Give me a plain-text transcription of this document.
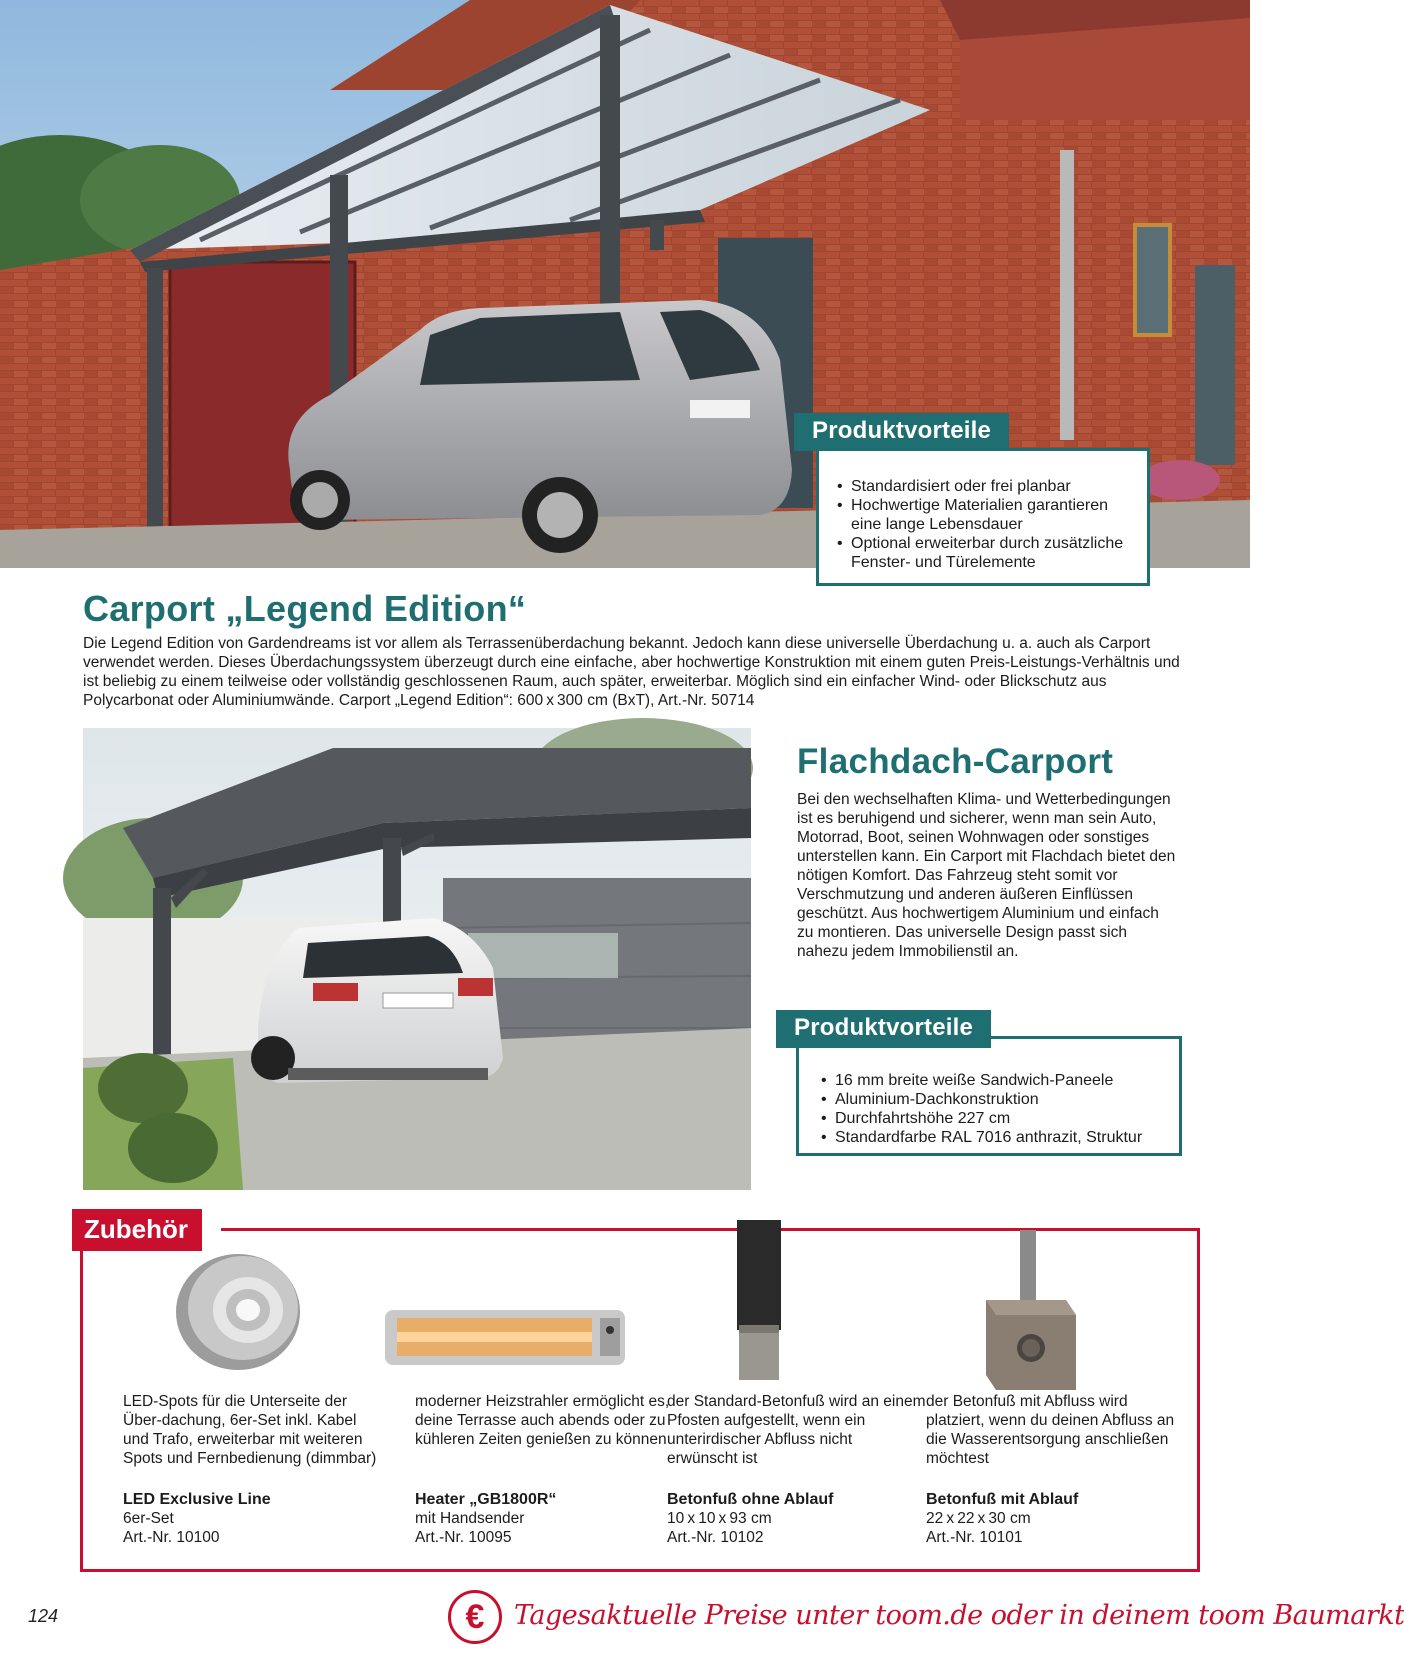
• Standardisiert oder frei planbar
• Hochwertige Materialien garantieren eine lange Lebensdauer
• Optional erweiterbar durch zusätzliche Fenster- und Türelemente
Produktvorteile
Carport „Legend Edition“

Die Legend Edition von Gardendreams ist vor allem als Terrassenüberdachung bekannt. Jedoch kann diese universelle Überdachung u. a. auch als Carport verwendet werden. Dieses Überdachungssystem überzeugt durch eine einfache, aber hochwertige Konstruktion mit einem guten Preis-Leistungs-Verhältnis und ist beliebig zu einem teilweise oder vollständig geschlossenen Raum, auch später, erweiterbar. Möglich sind ein einfacher Wind- oder Blickschutz aus Polycarbonat oder Aluminiumwände. Carport „Legend Edition“: 600 x 300 cm (BxT), Art.-Nr. 50714

Flachdach-Carport

Bei den wechselhaften Klima- und Wetterbedingungen ist es beruhigend und sicherer, wenn man sein Auto, Motorrad, Boot, seinen Wohnwagen oder sonstiges unterstellen kann. Ein Carport mit Flachdach bietet den nötigen Komfort. Das Fahrzeug steht somit vor Verschmutzung und anderen äußeren Einflüssen geschützt. Aus hochwertigem Aluminium und einfach zu montieren. Das universelle Design passt sich nahezu jedem Immobilienstil an.

• 16 mm breite weiße Sandwich-Paneele
• Aluminium-Dachkonstruktion
• Durchfahrtshöhe 227 cm
• Standardfarbe RAL 7016 anthrazit, Struktur
Produktvorteile
Zubehör

LED-Spots für die Unterseite der Über-dachung, 6er-Set inkl. Kabel und Trafo, erweiterbar mit weiteren Spots und Fernbedienung (dimmbar)

LED Exclusive Line
6er-Set
Art.-Nr. 10100

moderner Heizstrahler ermöglicht es, deine Terrasse auch abends oder zu kühleren Zeiten genießen zu können

Heater „GB1800R“
mit Handsender
Art.-Nr. 10095

der Standard-Betonfuß wird an einem Pfosten aufgestellt, wenn ein unterirdischer Abfluss nicht erwünscht ist

Betonfuß ohne Ablauf
10 x 10 x 93 cm
Art.-Nr. 10102

der Betonfuß mit Abfluss wird platziert, wenn du deinen Abfluss an die Wasserentsorgung anschließen möchtest

Betonfuß mit Ablauf
22 x 22 x 30 cm
Art.-Nr. 10101
124	€	Tagesaktuelle Preise unter toom.de oder in deinem toom Baumarkt
